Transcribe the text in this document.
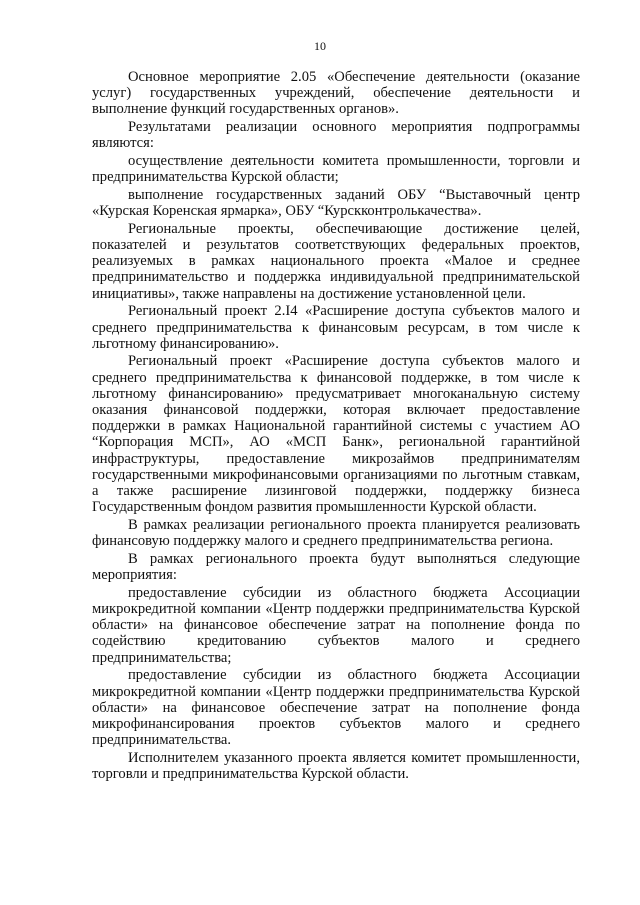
10

Основное мероприятие 2.05 «Обеспечение деятельности (оказание услуг) государственных учреждений, обеспечение деятельности и выполнение функций государственных органов».

Результатами реализации основного мероприятия подпрограммы являются:

осуществление деятельности комитета промышленности, торговли и предпринимательства Курской области;

выполнение государственных заданий ОБУ “Выставочный центр «Курская Коренская ярмарка», ОБУ “Курскконтролькачества».

Региональные проекты, обеспечивающие достижение целей, показателей и результатов соответствующих федеральных проектов, реализуемых в рамках национального проекта «Малое и среднее предпринимательство и поддержка индивидуальной предпринимательской инициативы», также направлены на достижение установленной цели.

Региональный проект 2.I4 «Расширение доступа субъектов малого и среднего предпринимательства к финансовым ресурсам, в том числе к льготному финансированию».

Региональный проект «Расширение доступа субъектов малого и среднего предпринимательства к финансовой поддержке, в том числе к льготному финансированию» предусматривает многоканальную систему оказания финансовой поддержки, которая включает предоставление поддержки в рамках Национальной гарантийной системы с участием АО “Корпорация МСП», АО «МСП Банк», региональной гарантийной инфраструктуры, предоставление микрозаймов предпринимателям государственными микрофинансовыми организациями по льготным ставкам, а также расширение лизинговой поддержки, поддержку бизнеса Государственным фондом развития промышленности Курской области.

В рамках реализации регионального проекта планируется реализовать финансовую поддержку малого и среднего предпринимательства региона.

В рамках регионального проекта будут выполняться следующие мероприятия:

предоставление субсидии из областного бюджета Ассоциации микрокредитной компании «Центр поддержки предпринимательства Курской области» на финансовое обеспечение затрат на пополнение фонда по содействию кредитованию субъектов малого и среднего предпринимательства;

предоставление субсидии из областного бюджета Ассоциации микрокредитной компании «Центр поддержки предпринимательства Курской области» на финансовое обеспечение затрат на пополнение фонда микрофинансирования проектов субъектов малого и среднего предпринимательства.

Исполнителем указанного проекта является комитет промышленности, торговли и предпринимательства Курской области.
